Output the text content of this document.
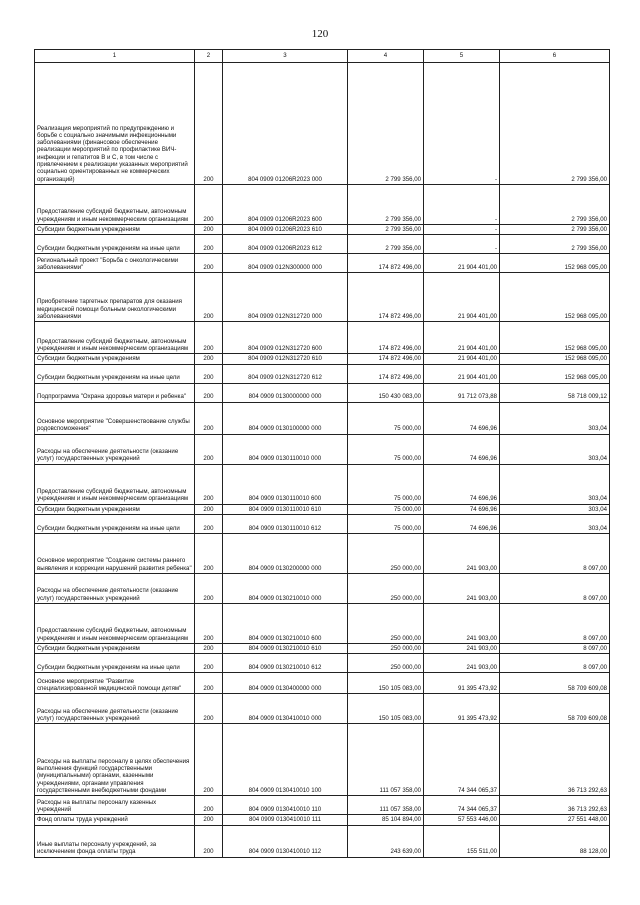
120
1	2	3	4	5	6
Реализация мероприятий по предупреждению и борьбе с социально значимыми инфекционными заболеваниями (финансовое обеспечение реализации мероприятий по профилактике ВИЧ-инфекции и гепатитов В и С, в том числе с привлечением к реализации указанных мероприятий социально ориентированных не коммерческих организаций)	200	804 0909 01206R2023 000	2 799 356,00	-	2 799 356,00
Предоставление субсидий бюджетным, автономным учреждениям и иным некоммерческим организациям	200	804 0909 01206R2023 600	2 799 356,00	-	2 799 356,00
Субсидии бюджетным учреждениям	200	804 0909 01206R2023 610	2 799 356,00	-	2 799 356,00
Субсидии бюджетным учреждениям на иные цели	200	804 0909 01206R2023 612	2 799 356,00	-	2 799 356,00
Региональный проект "Борьба с онкологическими заболеваниями"	200	804 0909 012N300000 000	174 872 496,00	21 904 401,00	152 968 095,00
Приобретение таргетных препаратов для оказания медицинской помощи больным онкологическими заболеваниями	200	804 0909 012N312720 000	174 872 496,00	21 904 401,00	152 968 095,00
Предоставление субсидий бюджетным, автономным учреждениям и иным некоммерческим организациям	200	804 0909 012N312720 600	174 872 496,00	21 904 401,00	152 968 095,00
Субсидии бюджетным учреждениям	200	804 0909 012N312720 610	174 872 496,00	21 904 401,00	152 968 095,00
Субсидии бюджетным учреждениям на иные цели	200	804 0909 012N312720 612	174 872 496,00	21 904 401,00	152 968 095,00
Подпрограмма "Охрана здоровья матери и ребенка"	200	804 0909 0130000000 000	150 430 083,00	91 712 073,88	58 718 009,12
Основное мероприятие "Совершенствование службы родовспоможения"	200	804 0909 0130100000 000	75 000,00	74 696,96	303,04
Расходы на обеспечение деятельности (оказание услуг) государственных учреждений	200	804 0909 0130110010 000	75 000,00	74 696,96	303,04
Предоставление субсидий бюджетным, автономным учреждениям и иным некоммерческим организациям	200	804 0909 0130110010 600	75 000,00	74 696,96	303,04
Субсидии бюджетным учреждениям	200	804 0909 0130110010 610	75 000,00	74 696,96	303,04
Субсидии бюджетным учреждениям на иные цели	200	804 0909 0130110010 612	75 000,00	74 696,96	303,04
Основное мероприятие "Создание системы раннего выявления и коррекции нарушений развития ребенка"	200	804 0909 0130200000 000	250 000,00	241 903,00	8 097,00
Расходы на обеспечение деятельности (оказание услуг) государственных учреждений	200	804 0909 0130210010 000	250 000,00	241 903,00	8 097,00
Предоставление субсидий бюджетным, автономным учреждениям и иным некоммерческим организациям	200	804 0909 0130210010 600	250 000,00	241 903,00	8 097,00
Субсидии бюджетным учреждениям	200	804 0909 0130210010 610	250 000,00	241 903,00	8 097,00
Субсидии бюджетным учреждениям на иные цели	200	804 0909 0130210010 612	250 000,00	241 903,00	8 097,00
Основное мероприятие "Развитие специализированной медицинской помощи детям"	200	804 0909 0130400000 000	150 105 083,00	91 395 473,92	58 709 609,08
Расходы на обеспечение деятельности (оказание услуг) государственных учреждений	200	804 0909 0130410010 000	150 105 083,00	91 395 473,92	58 709 609,08
Расходы на выплаты персоналу в целях обеспечения выполнения функций государственными (муниципальными) органами, казенными учреждениями, органами управления государственными внебюджетными фондами	200	804 0909 0130410010 100	111 057 358,00	74 344 065,37	36 713 292,63
Расходы на выплаты персоналу казенных учреждений	200	804 0909 0130410010 110	111 057 358,00	74 344 065,37	36 713 292,63
Фонд оплаты труда учреждений	200	804 0909 0130410010 111	85 104 894,00	57 553 446,00	27 551 448,00
Иные выплаты персоналу учреждений, за исключением фонда оплаты труда	200	804 0909 0130410010 112	243 639,00	155 511,00	88 128,00
